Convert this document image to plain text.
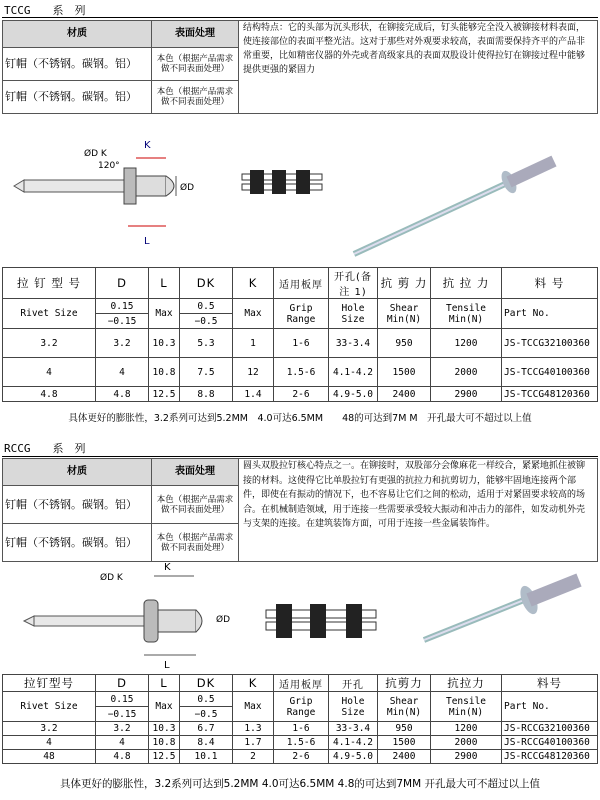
TCCG　　系　列
材质	表面处理	结构特点：它的头部为沉头形状，在铆接完成后，钉头能够完全没入被铆接材料表面，使连接部位的表面平整光洁。这对于那些对外观要求较高，表面需要保持齐平的产品非常重要，比如精密仪器的外壳或者高级家具的表面双股设计使得拉钉在铆接过程中能够提供更强的紧固力
钉帽（不锈钢。碳钢。铝）	本色（根据产品需求做不同表面处理）	
钉帽（不锈钢。碳钢。铝）	本色（根据产品需求做不同表面处理）	
ØD K
K
120°
ØD
L
拉 钉 型 号	D	L	DK	K	适用板厚	开孔(备注 1)	抗 剪 力	抗 拉 力	料 号
Rivet Size	0.15	Max	0.5	Max	Grip Range	Hole Size	Shear Min(N)	Tensile Min(N)	Part No.
	−0.15		−0.5						
3.2	3.2	10.3	5.3	1	1-6	33-3.4	950	1200	JS-TCCG32100360
4	4	10.8	7.5	12	1.5-6	4.1-4.2	1500	2000	JS-TCCG40100360
4.8	4.8	12.5	8.8	1.4	2-6	4.9-5.0	2400	2900	JS-TCCG48120360
具体更好的膨胀性，3.2系列可达到5.2MM　4.0可达6.5MM　　48的可达到7M M　开孔最大可不超过以上值
RCCG　　系　列
材质	表面处理	圆头双股拉钉核心特点之一。在铆接时，双股部分会像麻花一样绞合，紧紧地抓住被铆接的材料。这使得它比单股拉钉有更强的抗拉力和抗剪切力，能够牢固地连接两个部件，即使在有振动的情况下，也不容易让它们之间的松动，适用于对紧固要求较高的场合。在机械制造领域，用于连接一些需要承受较大振动和冲击力的部件，如发动机外壳与支架的连接。在建筑装饰方面，可用于连接一些金属装饰件。
钉帽（不锈钢。碳钢。铝）	本色（根据产品需求做不同表面处理）	
钉帽（不锈钢。碳钢。铝）	本色（根据产品需求做不同表面处理）	
ØD K
K
ØD
L
拉钉型号	D	L	DK	K	适用板厚	开孔	抗剪力	抗拉力	料号
Rivet Size	0.15	Max	0.5	Max	Grip Range	Hole Size	Shear Min(N)	Tensile Min(N)	Part No.
	−0.15		−0.5						
3.2	3.2	10.3	6.7	1.3	1-6	33-3.4	950	1200	JS-RCCG32100360
4	4	10.8	8.4	1.7	1.5-6	4.1-4.2	1500	2000	JS-RCCG40100360
48	4.8	12.5	10.1	2	2-6	4.9-5.0	2400	2900	JS-RCCG48120360
具体更好的膨胀性，3.2系列可达到5.2MM 4.0可达6.5MM 4.8的可达到7MM 开孔最大可不超过以上值
